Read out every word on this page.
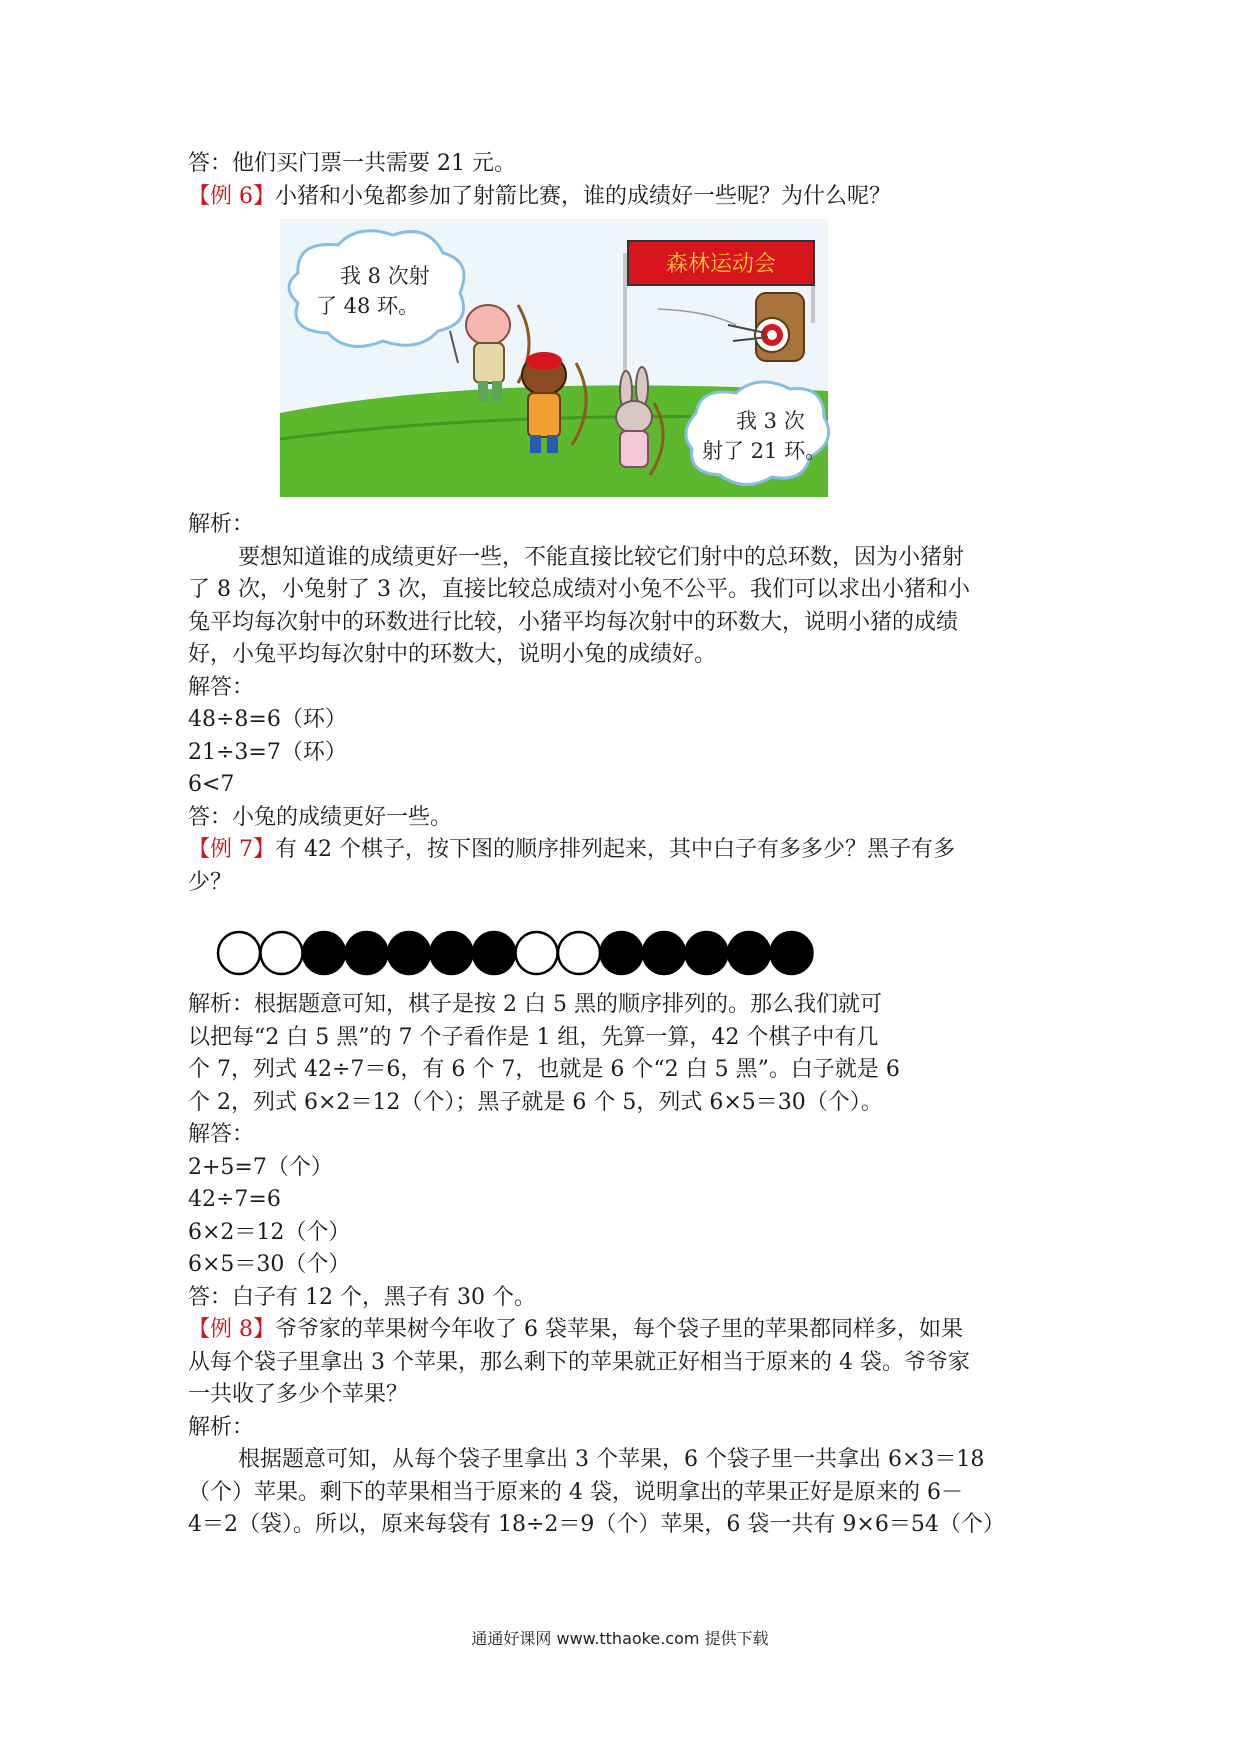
答：他们买门票一共需要 21 元。
【例 6】小猪和小兔都参加了射箭比赛，谁的成绩好一些呢？为什么呢？
我 8 次射
了 48 环。
森林运动会
我 3 次
射了 21 环。
解析：
要想知道谁的成绩更好一些，不能直接比较它们射中的总环数，因为小猪射
了 8 次，小兔射了 3 次，直接比较总成绩对小兔不公平。我们可以求出小猪和小
兔平均每次射中的环数进行比较，小猪平均每次射中的环数大，说明小猪的成绩
好，小兔平均每次射中的环数大，说明小兔的成绩好。
解答：
48÷8=6（环）
21÷3=7（环）
6<7
答：小兔的成绩更好一些。
【例 7】有 42 个棋子，按下图的顺序排列起来，其中白子有多多少？黑子有多
少？
解析：根据题意可知，棋子是按 2 白 5 黑的顺序排列的。那么我们就可
以把每“2 白 5 黑”的 7 个子看作是 1 组，先算一算，42 个棋子中有几
个 7，列式 42÷7＝6，有 6 个 7，也就是 6 个“2 白 5 黑”。白子就是 6
个 2，列式 6×2＝12（个）；黑子就是 6 个 5，列式 6×5＝30（个）。
解答：
2+5=7（个）
42÷7=6
6×2＝12（个）
6×5＝30（个）
答：白子有 12 个，黑子有 30 个。
【例 8】爷爷家的苹果树今年收了 6 袋苹果，每个袋子里的苹果都同样多，如果
从每个袋子里拿出 3 个苹果，那么剩下的苹果就正好相当于原来的 4 袋。爷爷家
一共收了多少个苹果？
解析：
根据题意可知，从每个袋子里拿出 3 个苹果，6 个袋子里一共拿出 6×3＝18
（个）苹果。剩下的苹果相当于原来的 4 袋，说明拿出的苹果正好是原来的 6－
4＝2（袋）。所以，原来每袋有 18÷2＝9（个）苹果，6 袋一共有 9×6＝54（个）
通通好课网 www.tthaoke.com 提供下载
